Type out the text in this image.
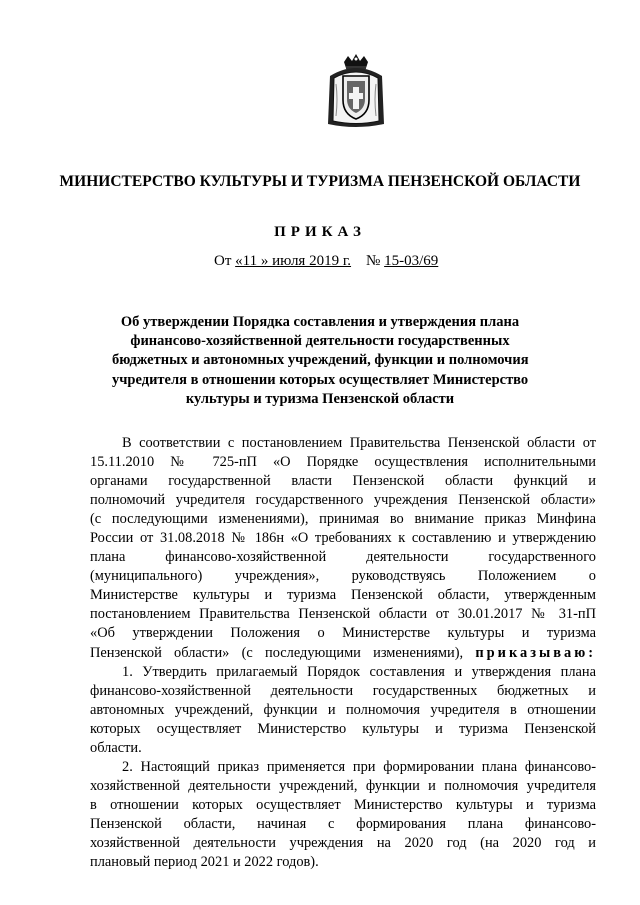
МИНИСТЕРСТВО КУЛЬТУРЫ И ТУРИЗМА ПЕНЗЕНСКОЙ ОБЛАСТИ
ПРИКАЗ
От «11 » июля 2019 г. № 15-03/69
Об утверждении Порядка составления и утверждения плана
финансово-хозяйственной деятельности государственных
бюджетных и автономных учреждений, функции и полномочия
учредителя в отношении которых осуществляет Министерство
культуры и туризма Пензенской области
В соответствии с постановлением Правительства Пензенской области от
15.11.2010 № 725-пП «О Порядке осуществления исполнительными
органами государственной власти Пензенской области функций и
полномочий учредителя государственного учреждения Пензенской области»
(с последующими изменениями), принимая во внимание приказ Минфина
России от 31.08.2018 № 186н «О требованиях к составлению и утверждению
плана финансово-хозяйственной деятельности государственного
(муниципального) учреждения», руководствуясь Положением о
Министерстве культуры и туризма Пензенской области, утвержденным
постановлением Правительства Пензенской области от 30.01.2017 № 31-пП
«Об утверждении Положения о Министерстве культуры и туризма
Пензенской области» (с последующими изменениями), приказываю:
1. Утвердить прилагаемый Порядок составления и утверждения плана
финансово-хозяйственной деятельности государственных бюджетных и
автономных учреждений, функции и полномочия учредителя в отношении
которых осуществляет Министерство культуры и туризма Пензенской
области.
2. Настоящий приказ применяется при формировании плана финансово-
хозяйственной деятельности учреждений, функции и полномочия учредителя
в отношении которых осуществляет Министерство культуры и туризма
Пензенской области, начиная с формирования плана финансово-
хозяйственной деятельности учреждения на 2020 год (на 2020 год и
плановый период 2021 и 2022 годов).
